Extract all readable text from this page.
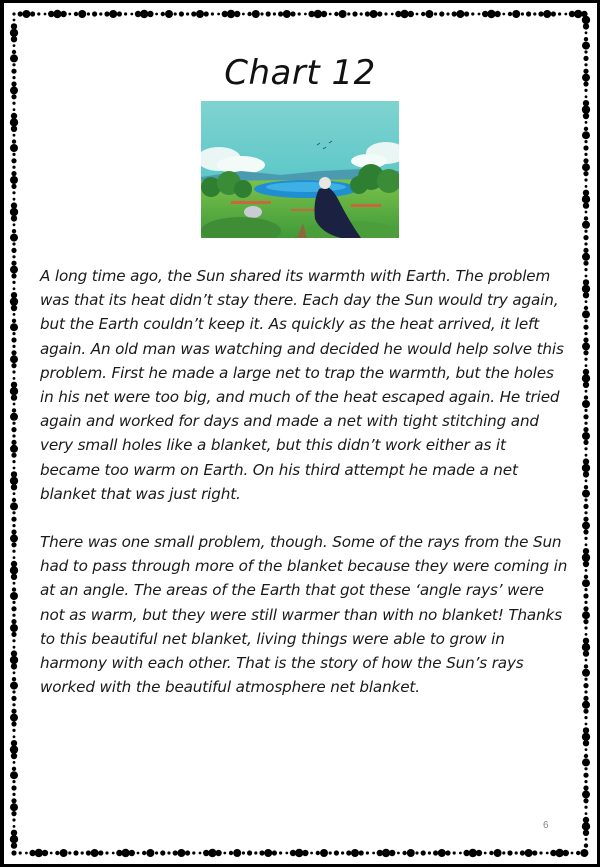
Chart 12

A long time ago, the Sun shared its warmth with Earth. The problem was that its heat didn’t stay there. Each day the Sun would try again, but the Earth couldn’t keep it. As quickly as the heat arrived, it left again. An old man was watching and decided he would help solve this problem. First he made a large net to trap the warmth, but the holes in his net were too big, and much of the heat escaped again. He tried again and worked for days and made a net with tight stitching and very small holes like a blanket, but this didn’t work either as it became too warm on Earth. On his third attempt he made a net blanket that was just right.

There was one small problem, though. Some of the rays from the Sun had to pass through more of the blanket because they were coming in at an angle. The areas of the Earth that got these ‘angle rays’ were not as warm, but they were still warmer than with no blanket! Thanks to this beautiful net blanket, living things were able to grow in harmony with each other. That is the story of how the Sun’s rays worked with the beautiful atmosphere net blanket.

6
